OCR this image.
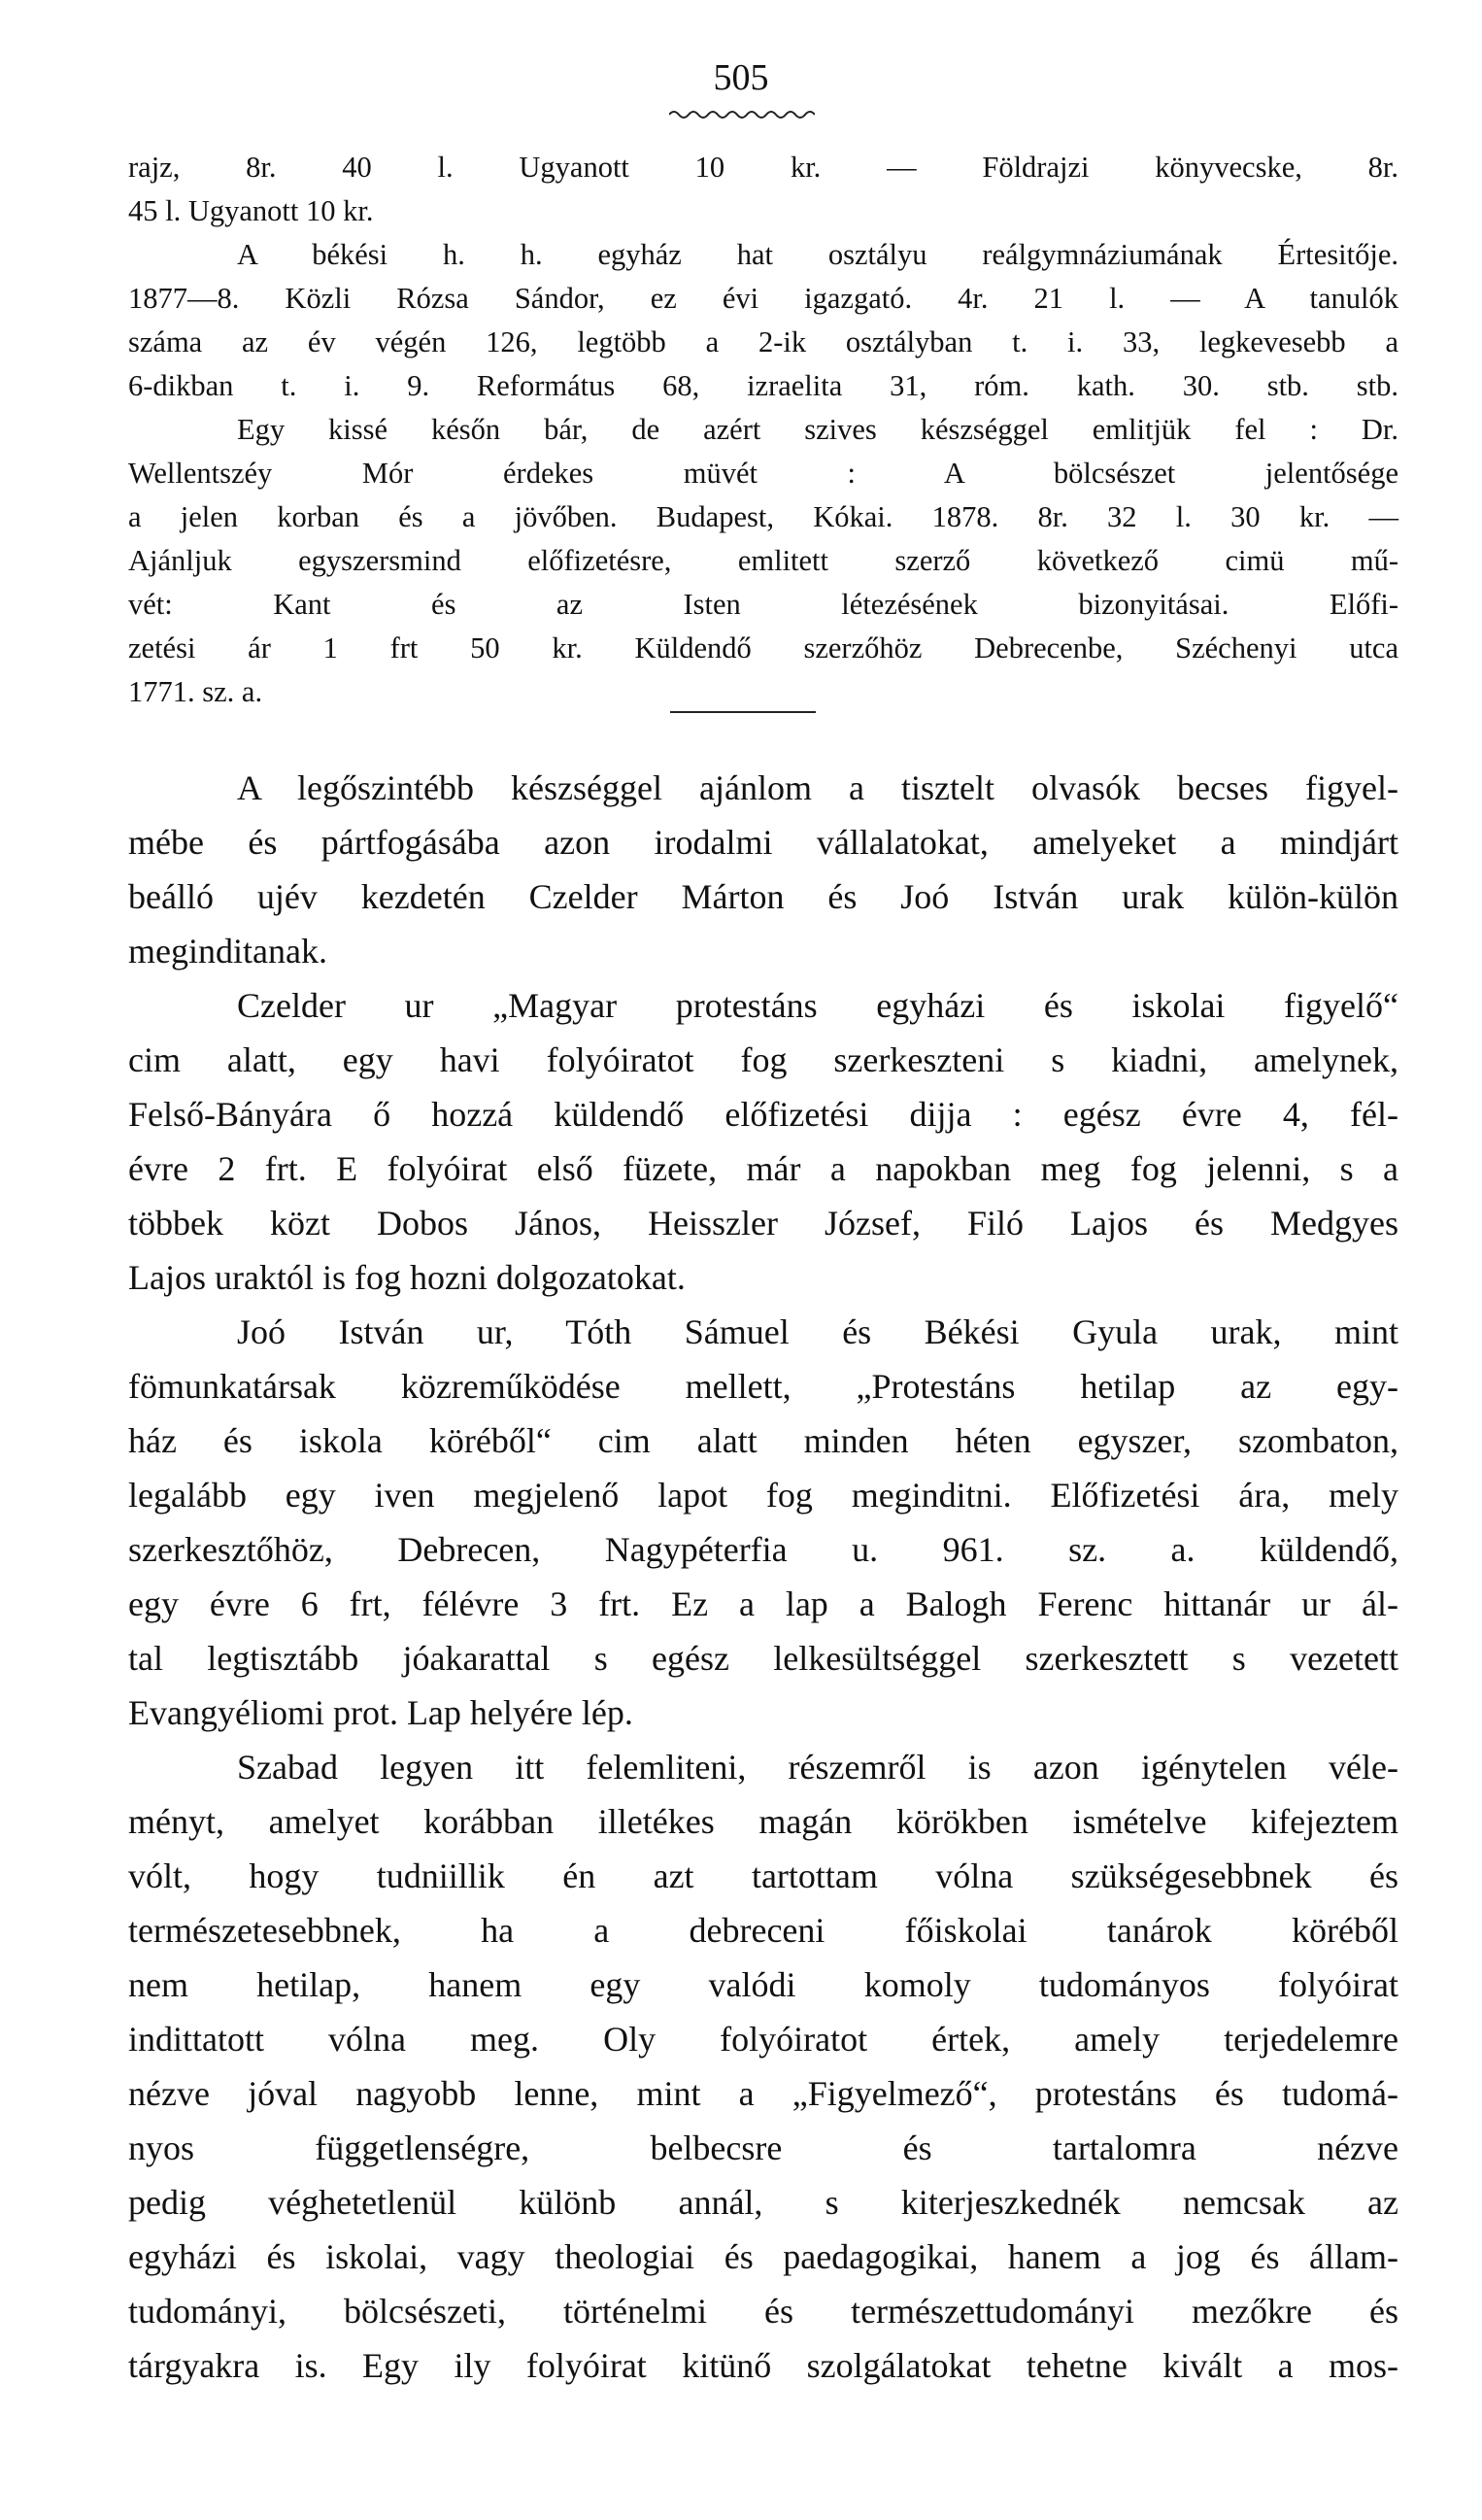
505
rajz, 8r. 40 l. Ugyanott 10 kr. — Földrajzi könyvecske, 8r.
45 l. Ugyanott 10 kr.
A békési h. h. egyház hat osztályu reálgymnáziumának Értesitője.
1877—8. Közli Rózsa Sándor, ez évi igazgató. 4r. 21 l. — A tanulók
száma az év végén 126, legtöbb a 2-ik osztályban t. i. 33, legkevesebb a
6-dikban t. i. 9. Református 68, izraelita 31, róm. kath. 30. stb. stb.
Egy kissé későn bár, de azért szives készséggel emlitjük fel : Dr.
Wellentszéy Mór érdekes müvét : A bölcsészet jelentősége
a jelen korban és a jövőben. Budapest, Kókai. 1878. 8r. 32 l. 30 kr. —
Ajánljuk egyszersmind előfizetésre, emlitett szerző következő cimü mű-
vét: Kant és az Isten létezésének bizonyitásai. Előfi-
zetési ár 1 frt 50 kr. Küldendő szerzőhöz Debrecenbe, Széchenyi utca
1771. sz. a.
A legőszintébb készséggel ajánlom a tisztelt olvasók becses figyel-
mébe és pártfogásába azon irodalmi vállalatokat, amelyeket a mindjárt
beálló ujév kezdetén Czelder Márton és Joó István urak külön-külön
meginditanak.
Czelder ur „Magyar protestáns egyházi és iskolai figyelő“
cim alatt, egy havi folyóiratot fog szerkeszteni s kiadni, amelynek,
Felső-Bányára ő hozzá küldendő előfizetési dijja : egész évre 4, fél-
évre 2 frt. E folyóirat első füzete, már a napokban meg fog jelenni, s a
többek közt Dobos János, Heisszler József, Filó Lajos és Medgyes
Lajos uraktól is fog hozni dolgozatokat.
Joó István ur, Tóth Sámuel és Békési Gyula urak, mint
fömunkatársak közreműködése mellett, „Protestáns hetilap az egy-
ház és iskola köréből“ cim alatt minden héten egyszer, szombaton,
legalább egy iven megjelenő lapot fog meginditni. Előfizetési ára, mely
szerkesztőhöz, Debrecen, Nagypéterfia u. 961. sz. a. küldendő,
egy évre 6 frt, félévre 3 frt. Ez a lap a Balogh Ferenc hittanár ur ál-
tal legtisztább jóakarattal s egész lelkesültséggel szerkesztett s vezetett
Evangyéliomi prot. Lap helyére lép.
Szabad legyen itt felemliteni, részemről is azon igénytelen véle-
ményt, amelyet korábban illetékes magán körökben ismételve kifejeztem
vólt, hogy tudniillik én azt tartottam vólna szükségesebbnek és
természetesebbnek, ha a debreceni főiskolai tanárok köréből
nem hetilap, hanem egy valódi komoly tudományos folyóirat
indittatott vólna meg. Oly folyóiratot értek, amely terjedelemre
nézve jóval nagyobb lenne, mint a „Figyelmező“, protestáns és tudomá-
nyos függetlenségre, belbecsre és tartalomra nézve
pedig véghetetlenül különb annál, s kiterjeszkednék nemcsak az
egyházi és iskolai, vagy theologiai és paedagogikai, hanem a jog és állam-
tudományi, bölcsészeti, történelmi és természettudományi mezőkre és
tárgyakra is. Egy ily folyóirat kitünő szolgálatokat tehetne kivált a mos-
